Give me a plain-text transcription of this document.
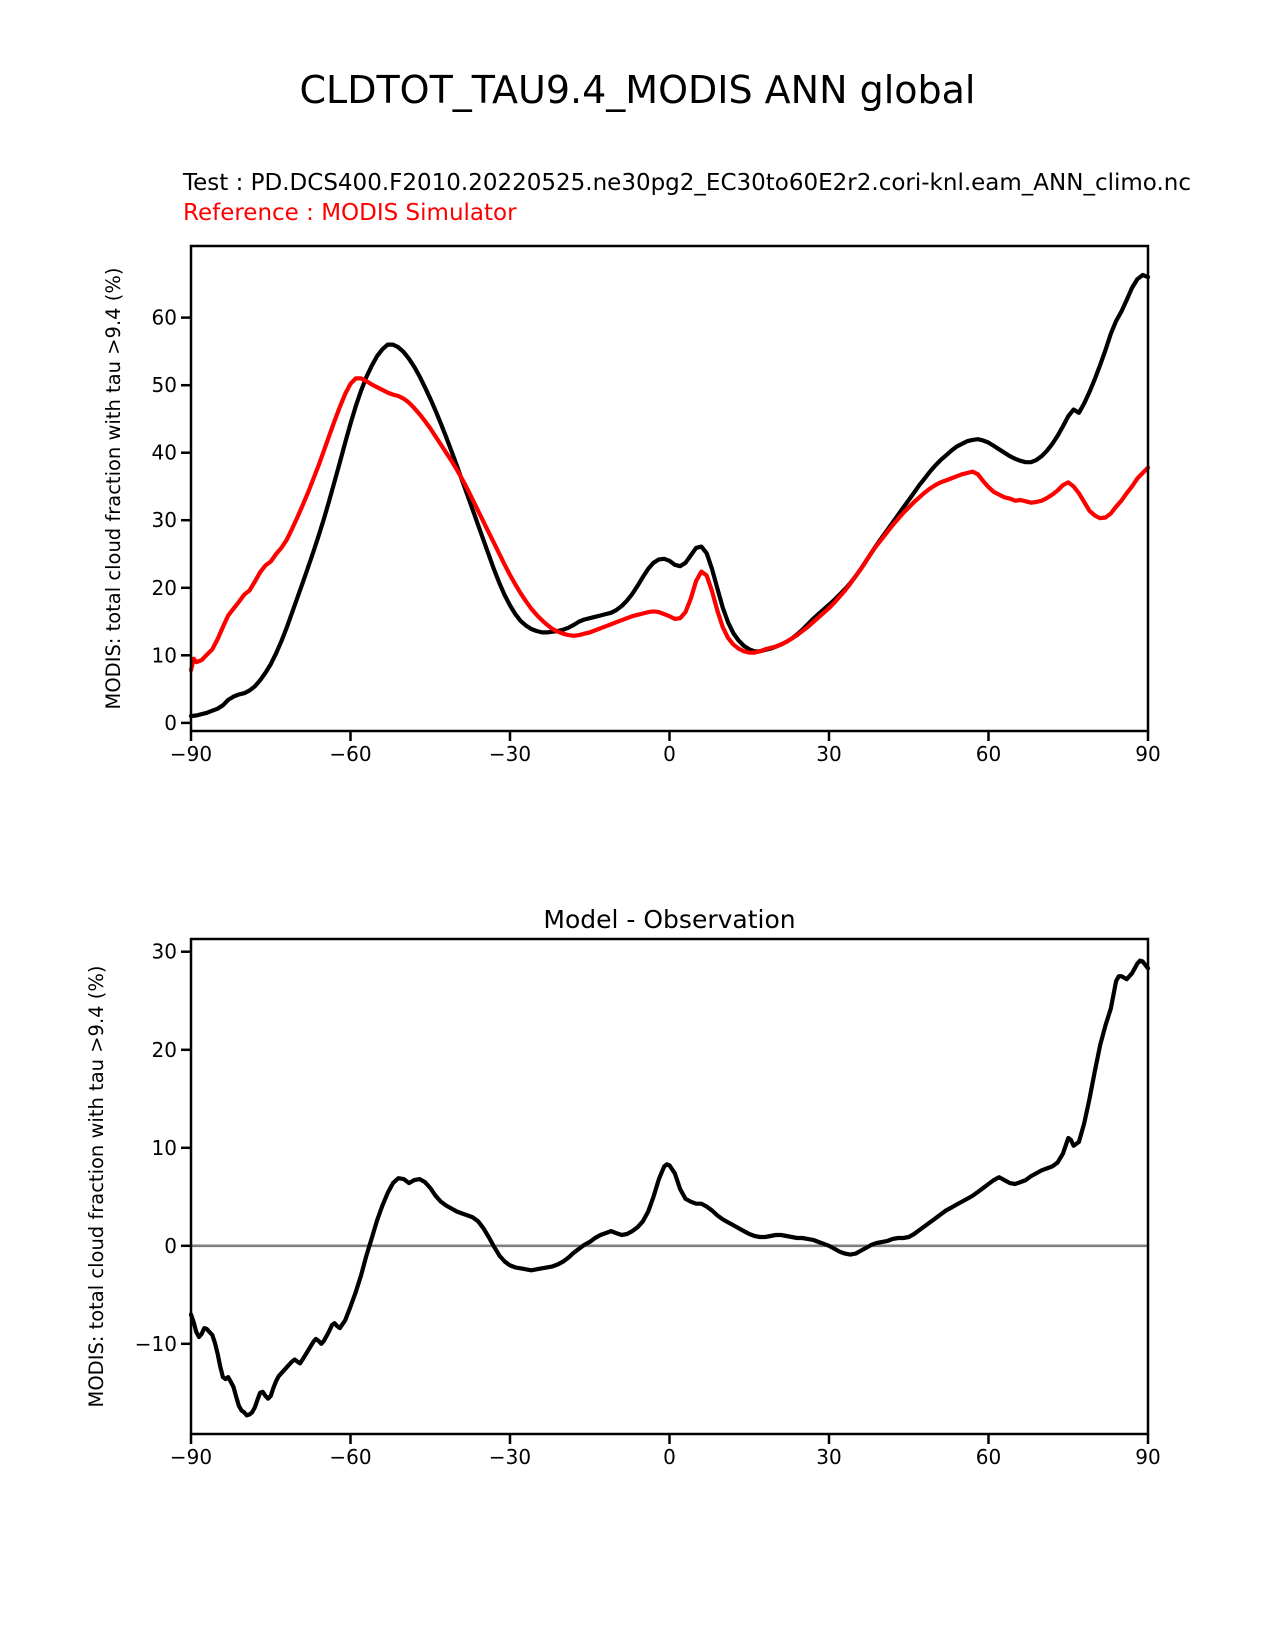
CLDTOT_TAU9.4_MODIS ANN global
Test : PD.DCS400.F2010.20220525.ne30pg2_EC30to60E2r2.cori-knl.eam_ANN_climo.nc
Reference : MODIS Simulator
−90	−60	−30	0	30	60	90
0
10
20
30
40
50
60
MODIS: total cloud fraction with tau >9.4 (%)
−90	−60	−30	0	30	60	90
−10
0
10
20
30
MODIS: total cloud fraction with tau >9.4 (%)
Model - Observation
